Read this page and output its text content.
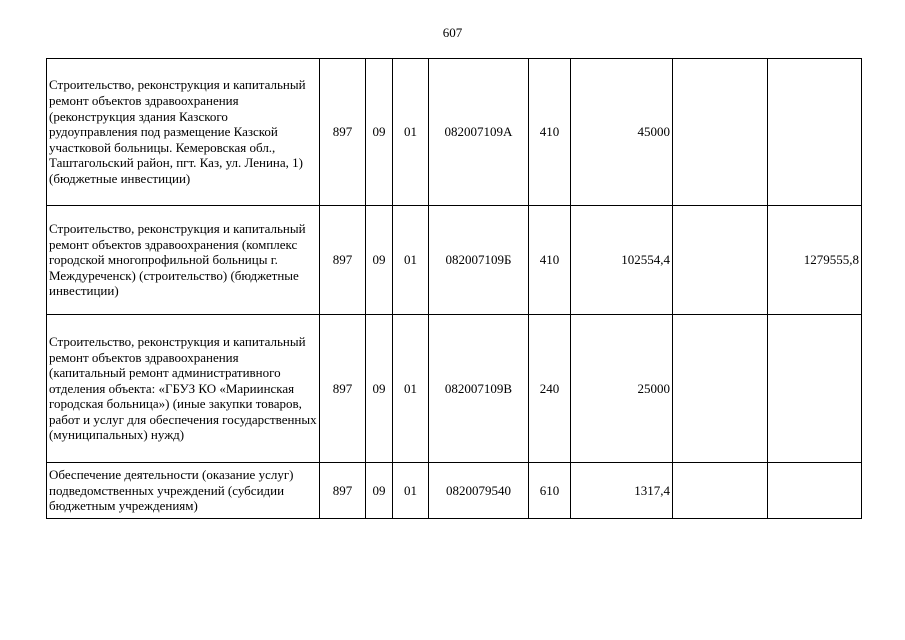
607
Строительство, реконструкция и капитальный ремонт объектов здравоохранения (реконструкция здания Казского рудоуправления под размещение Казской участковой больницы. Кемеровская обл., Таштагольский район, пгт. Каз, ул. Ленина, 1) (бюджетные инвестиции)	897	09	01	082007109А	410	45000		
Строительство, реконструкция и капитальный ремонт объектов здравоохранения (комплекс городской многопрофильной больницы г. Междуреченск) (строительство) (бюджетные инвестиции)	897	09	01	082007109Б	410	102554,4		1279555,8
Строительство, реконструкция и капитальный ремонт объектов здравоохранения (капитальный ремонт административного отделения объекта: «ГБУЗ КО «Мариинская городская больница») (иные закупки товаров, работ и услуг для обеспечения государственных (муниципальных) нужд)	897	09	01	082007109В	240	25000		
Обеспечение деятельности (оказание услуг) подведомственных учреждений (субсидии бюджетным учреждениям)	897	09	01	0820079540	610	1317,4		
